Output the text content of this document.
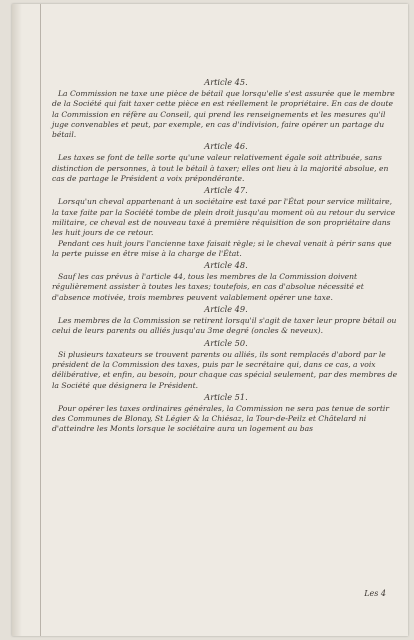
Article 45.

La Commission ne taxe une pièce de bétail que lorsqu'elle s'est assurée que le membre de la Société qui fait taxer cette pièce en est réellement le propriétaire. En cas de doute la Commission en réfère au Conseil, qui prend les renseignements et les mesures qu'il juge convenables et peut, par exemple, en cas d'indivision, faire opérer un partage du bétail.

Article 46.

Les taxes se font de telle sorte qu'une valeur relativement égale soit attribuée, sans distinction de personnes, à tout le bétail à taxer; elles ont lieu à la majorité absolue, en cas de partage le Président a voix prépondérante.

Article 47.

Lorsqu'un cheval appartenant à un sociétaire est taxé par l'État pour service militaire, la taxe faite par la Société tombe de plein droit jusqu'au moment où au retour du service militaire, ce cheval est de nouveau taxé à première réquisition de son propriétaire dans les huit jours de ce retour.

Pendant ces huit jours l'ancienne taxe faisait règle; si le cheval venait à périr sans que la perte puisse en être mise à la charge de l'État.

Article 48.

Sauf les cas prévus à l'article 44, tous les membres de la Commission doivent régulièrement assister à toutes les taxes; toutefois, en cas d'absolue nécessité et d'absence motivée, trois membres peuvent valablement opérer une taxe.

Article 49.

Les membres de la Commission se retirent lorsqu'il s'agit de taxer leur propre bétail ou celui de leurs parents ou alliés jusqu'au 3me degré (oncles & neveux).

Article 50.

Si plusieurs taxateurs se trouvent parents ou alliés, ils sont remplacés d'abord par le président de la Commission des taxes, puis par le secrétaire qui, dans ce cas, a voix délibérative, et enfin, au besoin, pour chaque cas spécial seulement, par des membres de la Société que désignera le Président.

Article 51.

Pour opérer les taxes ordinaires générales, la Commission ne sera pas tenue de sortir des Communes de Blonay, St Légier & la Chiésaz, la Tour-de-Peilz et Châtelard ni d'atteindre les Monts lorsque le sociétaire aura un logement au bas

Les 4
